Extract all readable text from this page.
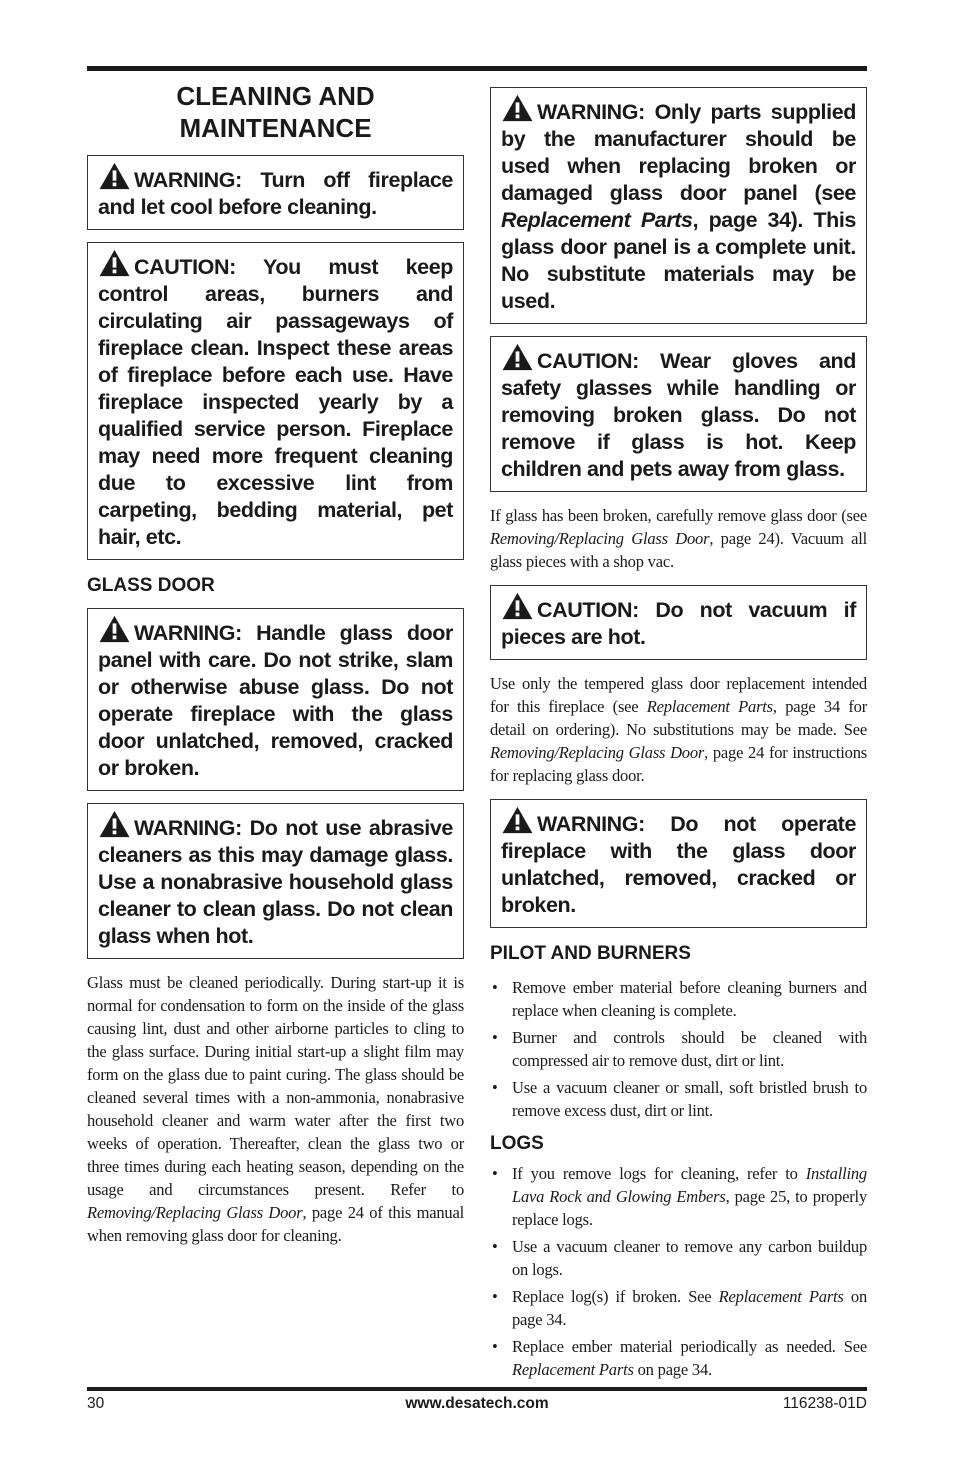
CLEANING AND
MAINTENANCE
WARNING: Turn off fireplace and let cool before cleaning.
CAUTION: You must keep control areas, burners and circulating air passageways of fireplace clean. Inspect these areas of fireplace before each use. Have fireplace inspected yearly by a qualified service person. Fireplace may need more frequent cleaning due to excessive lint from carpeting, bedding material, pet hair, etc.
GLASS DOOR
WARNING: Handle glass door panel with care. Do not strike, slam or otherwise abuse glass. Do not operate fireplace with the glass door unlatched, removed, cracked or broken.
WARNING: Do not use abrasive cleaners as this may damage glass. Use a nonabrasive household glass cleaner to clean glass. Do not clean glass when hot.

Glass must be cleaned periodically. During start-up it is normal for condensation to form on the inside of the glass causing lint, dust and other airborne particles to cling to the glass surface. During initial start-up a slight film may form on the glass due to paint curing. The glass should be cleaned several times with a non-ammonia, nonabrasive household cleaner and warm water after the first two weeks of operation. Thereafter, clean the glass two or three times during each heating season, depending on the usage and circumstances present. Refer to Removing/Replacing Glass Door, page 24 of this manual when removing glass door for cleaning.

WARNING: Only parts supplied by the manufacturer should be used when replacing broken or damaged glass door panel (see Replacement Parts, page 34). This glass door panel is a complete unit. No substitute materials may be used.
CAUTION: Wear gloves and safety glasses while handling or removing broken glass. Do not remove if glass is hot. Keep children and pets away from glass.

If glass has been broken, carefully remove glass door (see Removing/Replacing Glass Door, page 24). Vacuum all glass pieces with a shop vac.

CAUTION: Do not vacuum if pieces are hot.

Use only the tempered glass door replacement intended for this fireplace (see Replacement Parts, page 34 for detail on ordering). No substitutions may be made. See Removing/Replacing Glass Door, page 24 for instructions for replacing glass door.

WARNING: Do not operate fireplace with the glass door unlatched, removed, cracked or broken.
PILOT AND BURNERS
• Remove ember material before cleaning burners and replace when cleaning is complete.
• Burner and controls should be cleaned with compressed air to remove dust, dirt or lint.
• Use a vacuum cleaner or small, soft bristled brush to remove excess dust, dirt or lint.
LOGS
• If you remove logs for cleaning, refer to Installing Lava Rock and Glowing Embers, page 25, to properly replace logs.
• Use a vacuum cleaner to remove any carbon buildup on logs.
• Replace log(s) if broken. See Replacement Parts on page 34.
• Replace ember material periodically as needed. See Replacement Parts on page 34.
30	www.desatech.com	116238-01D
